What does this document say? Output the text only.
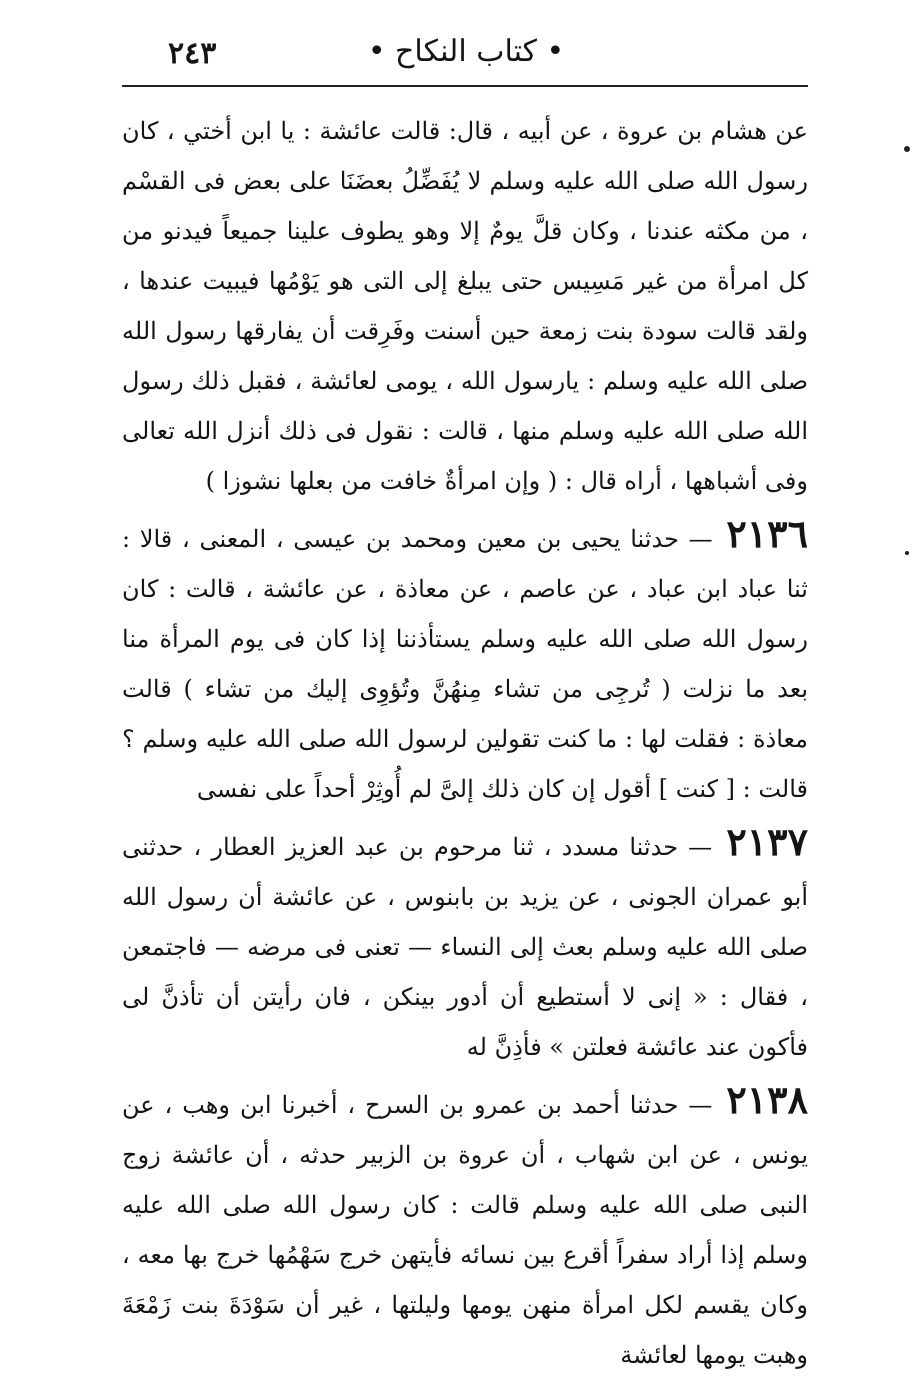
٢٤٣	• كتاب النكاح •

عن هشام بن عروة ، عن أبيه ، قال: قالت عائشة : يا ابن أختي ، كان رسول الله صلى الله عليه وسلم لا يُفَضِّلُ بعضَنَا على بعض فى القسْم ، من مكثه عندنا ، وكان قلَّ يومٌ إلا وهو يطوف علينا جميعاً فيدنو من كل امرأة من غير مَسِيس حتى يبلغ إلى التى هو يَوْمُها فيبيت عندها ، ولقد قالت سودة بنت زمعة حين أسنت وفَرِقت أن يفارقها رسول الله صلى الله عليه وسلم : يارسول الله ، يومى لعائشة ، فقبل ذلك رسول الله صلى الله عليه وسلم منها ، قالت : نقول فى ذلك أنزل الله تعالى وفى أشباهها ، أراه قال : ( وإن امرأةٌ خافت من بعلها نشوزا )

٢١٣٦ — حدثنا يحيى بن معين ومحمد بن عيسى ، المعنى ، قالا : ثنا عباد ابن عباد ، عن عاصم ، عن معاذة ، عن عائشة ، قالت : كان رسول الله صلى الله عليه وسلم يستأذننا إذا كان فى يوم المرأة منا بعد ما نزلت ( تُرجِى من تشاء مِنهُنَّ وتُؤوِى إليك من تشاء ) قالت معاذة : فقلت لها : ما كنت تقولين لرسول الله صلى الله عليه وسلم ؟ قالت : [ كنت ] أقول إن كان ذلك إلىَّ لم أُوثِرْ أحداً على نفسى

٢١٣٧ — حدثنا مسدد ، ثنا مرحوم بن عبد العزيز العطار ، حدثنى أبو عمران الجونى ، عن يزيد بن بابنوس ، عن عائشة أن رسول الله صلى الله عليه وسلم بعث إلى النساء — تعنى فى مرضه — فاجتمعن ، فقال : « إنى لا أستطيع أن أدور بينكن ، فان رأيتن أن تأذنَّ لى فأكون عند عائشة فعلتن » فأذِنَّ له

٢١٣٨ — حدثنا أحمد بن عمرو بن السرح ، أخبرنا ابن وهب ، عن يونس ، عن ابن شهاب ، أن عروة بن الزبير حدثه ، أن عائشة زوج النبى صلى الله عليه وسلم قالت : كان رسول الله صلى الله عليه وسلم إذا أراد سفراً أقرع بين نسائه فأيتهن خرج سَهْمُها خرج بها معه ، وكان يقسم لكل امرأة منهن يومها وليلتها ، غير أن سَوْدَةَ بنت زَمْعَةَ وهبت يومها لعائشة
